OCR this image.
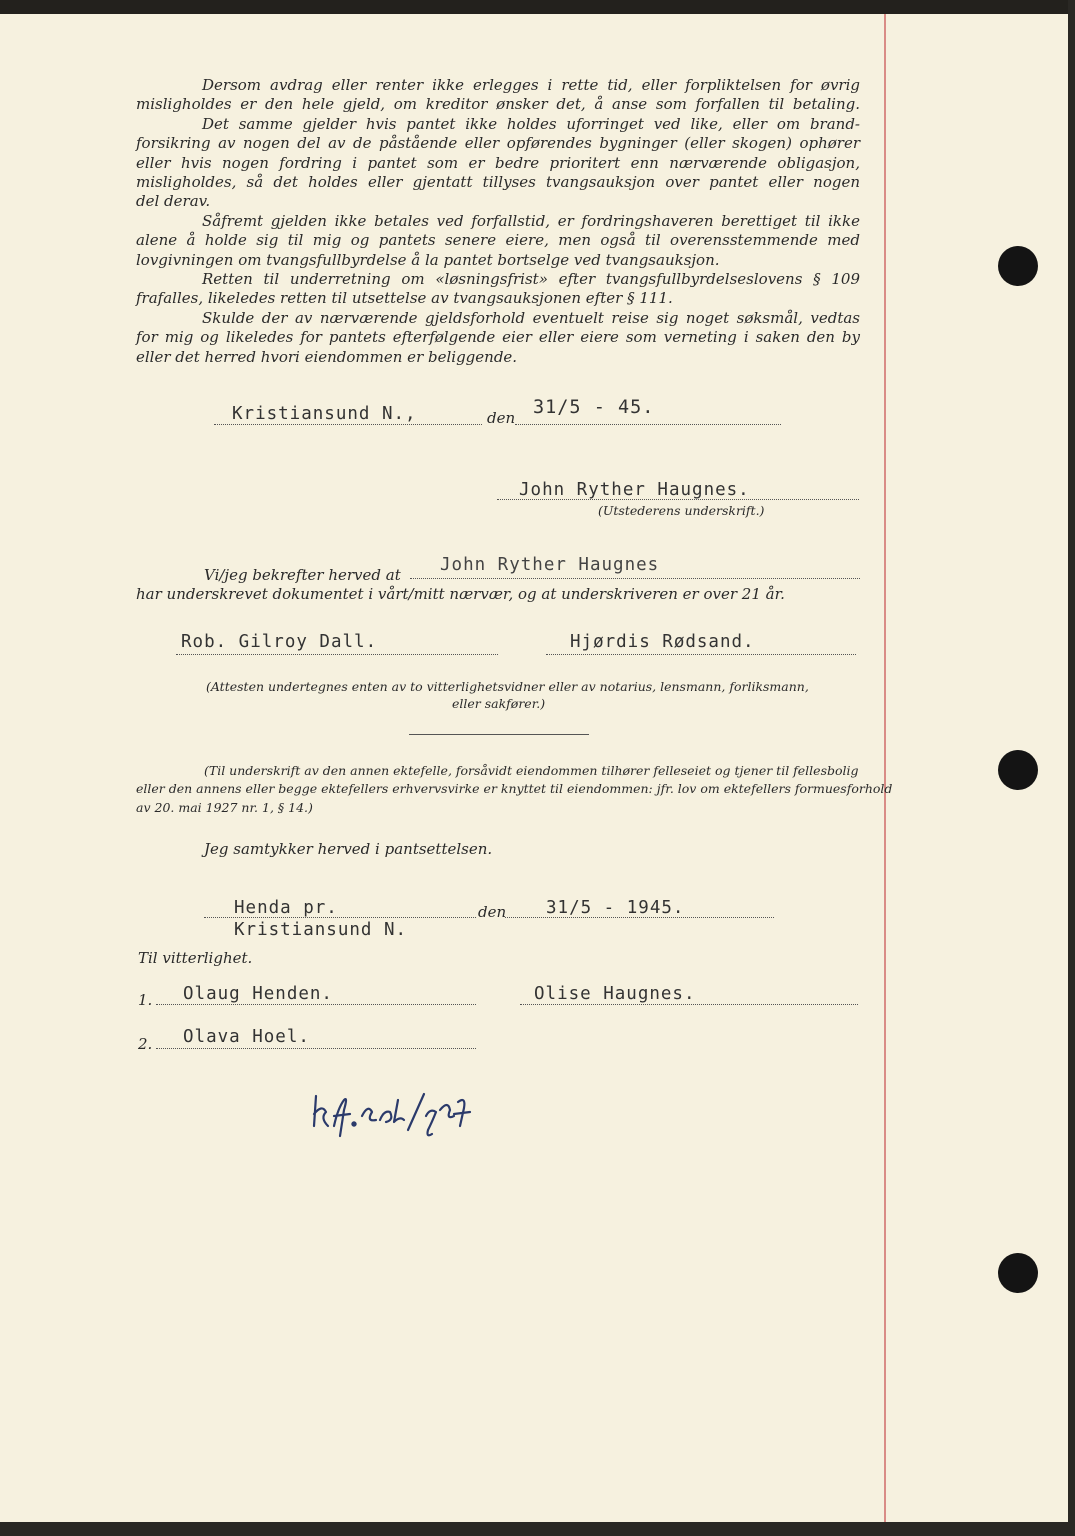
Dersom avdrag eller renter ikke erlegges i rette tid, eller forpliktelsen for øvrig
misligholdes er den hele gjeld, om kreditor ønsker det, å anse som forfallen til betaling.
Det samme gjelder hvis pantet ikke holdes uforringet ved like, eller om brand-
forsikring av nogen del av de påstående eller opførendes bygninger (eller skogen) ophører
eller hvis nogen fordring i pantet som er bedre prioritert enn nærværende obligasjon,
misligholdes, så det holdes eller gjentatt tillyses tvangsauksjon over pantet eller nogen
del derav.
Såfremt gjelden ikke betales ved forfallstid, er fordringshaveren berettiget til ikke
alene å holde sig til mig og pantets senere eiere, men også til overensstemmende med
lovgivningen om tvangsfullbyrdelse å la pantet bortselge ved tvangsauksjon.
Retten til underretning om «løsningsfrist» efter tvangsfullbyrdelseslovens § 109
frafalles, likeledes retten til utsettelse av tvangsauksjonen efter § 111.
Skulde der av nærværende gjeldsforhold eventuelt reise sig noget søksmål, vedtas
for mig og likeledes for pantets efterfølgende eier eller eiere som verneting i saken den by
eller det herred hvori eiendommen er beliggende.
Kristiansund N.,	den 31/5 - 45.
John Ryther Haugnes.
(Utstederens underskrift.)
Vi/jeg bekrefter herved at John Ryther Haugnes
har underskrevet dokumentet i vårt/mitt nærvær, og at underskriveren er over 21 år.
Rob. Gilroy Dall.	Hjørdis Rødsand.
(Attesten undertegnes enten av to vitterlighetsvidner eller av notarius, lensmann, forliksmann,
eller sakfører.)
(Til underskrift av den annen ektefelle, forsåvidt eiendommen tilhører felleseiet og tjener til fellesbolig
eller den annens eller begge ektefellers erhvervsvirke er knyttet til eiendommen: jfr. lov om ektefellers formuesforhold
av 20. mai 1927 nr. 1, § 14.)
Jeg samtykker herved i pantsettelsen.
Henda pr.
Kristiansund N.
den 31/5 - 1945.
Til vitterlighet.
1. Olaug Henden.	Olise Haugnes.
2. Olava Hoel.
